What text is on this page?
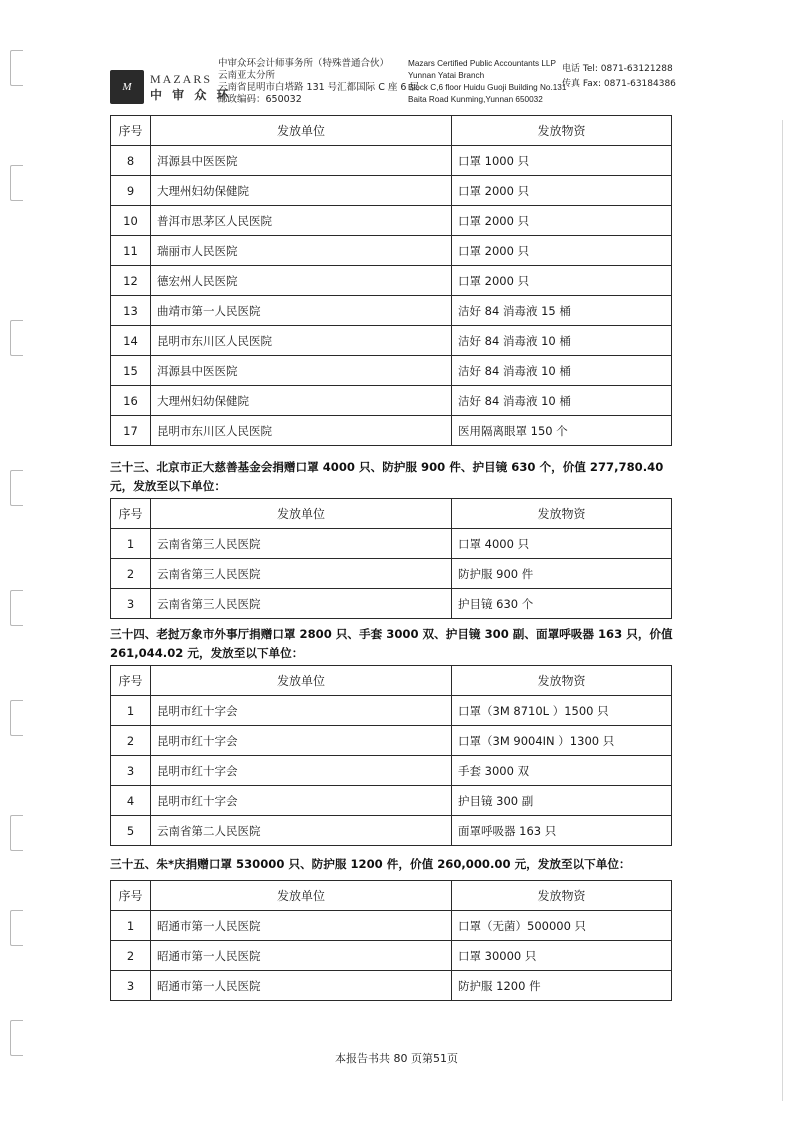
M
MAZARS
中 审 众 环
中审众环会计师事务所（特殊普通合伙）
云南亚太分所
云南省昆明市白塔路 131 号汇都国际 C 座 6 层
邮政编码：650032
Mazars Certified Public Accountants LLP
Yunnan Yatai Branch
Block C,6 floor Huidu Guoji Building No.131
Baita Road Kunming,Yunnan 650032
电话 Tel: 0871-63121288
传真 Fax: 0871-63184386
序号	发放单位	发放物资
8	洱源县中医医院	口罩 1000 只
9	大理州妇幼保健院	口罩 2000 只
10	普洱市思茅区人民医院	口罩 2000 只
11	瑞丽市人民医院	口罩 2000 只
12	德宏州人民医院	口罩 2000 只
13	曲靖市第一人民医院	洁好 84 消毒液 15 桶
14	昆明市东川区人民医院	洁好 84 消毒液 10 桶
15	洱源县中医医院	洁好 84 消毒液 10 桶
16	大理州妇幼保健院	洁好 84 消毒液 10 桶
17	昆明市东川区人民医院	医用隔离眼罩 150 个
三十三、北京市正大慈善基金会捐赠口罩 4000 只、防护服 900 件、护目镜 630 个，价值 277,780.40 元，发放至以下单位：
序号	发放单位	发放物资
1	云南省第三人民医院	口罩 4000 只
2	云南省第三人民医院	防护服 900 件
3	云南省第三人民医院	护目镜 630 个
三十四、老挝万象市外事厅捐赠口罩 2800 只、手套 3000 双、护目镜 300 副、面罩呼吸器 163 只，价值 261,044.02 元，发放至以下单位：
序号	发放单位	发放物资
1	昆明市红十字会	口罩（3M 8710L ）1500 只
2	昆明市红十字会	口罩（3M 9004IN ）1300 只
3	昆明市红十字会	手套 3000 双
4	昆明市红十字会	护目镜 300 副
5	云南省第二人民医院	面罩呼吸器 163 只
三十五、朱*庆捐赠口罩 530000 只、防护服 1200 件，价值 260,000.00 元，发放至以下单位：
序号	发放单位	发放物资
1	昭通市第一人民医院	口罩（无菌）500000 只
2	昭通市第一人民医院	口罩 30000 只
3	昭通市第一人民医院	防护服 1200 件
本报告书共 80 页第51页
